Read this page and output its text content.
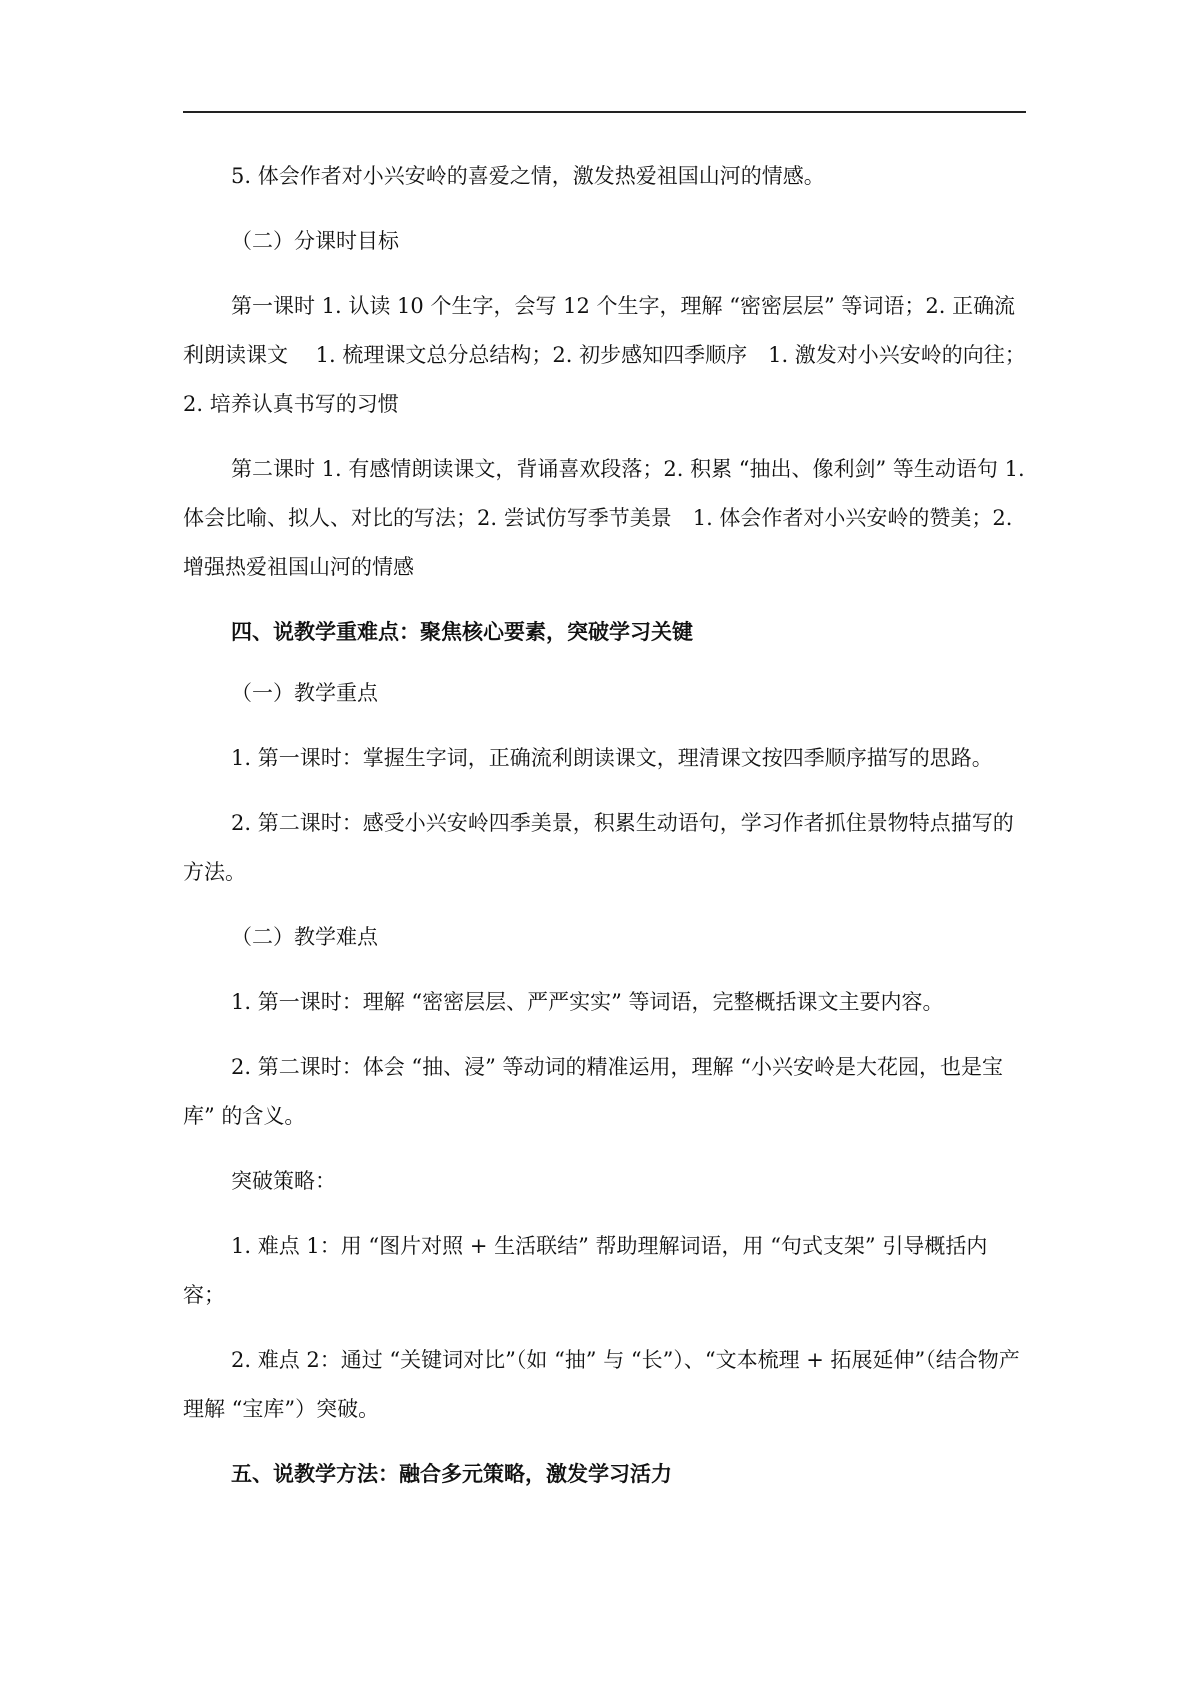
5. 体会作者对小兴安岭的喜爱之情，激发热爱祖国山河的情感。

（二）分课时目标

第一课时 1. 认读 10 个生字，会写 12 个生字，理解 “密密层层” 等词语；2. 正确流利朗读课文　 1. 梳理课文总分总结构；2. 初步感知四季顺序　1. 激发对小兴安岭的向往；2. 培养认真书写的习惯

第二课时 1. 有感情朗读课文，背诵喜欢段落；2. 积累 “抽出、像利剑” 等生动语句 1. 体会比喻、拟人、对比的写法；2. 尝试仿写季节美景　1. 体会作者对小兴安岭的赞美；2. 增强热爱祖国山河的情感

四、说教学重难点：聚焦核心要素，突破学习关键

（一）教学重点

1. 第一课时：掌握生字词，正确流利朗读课文，理清课文按四季顺序描写的思路。

2. 第二课时：感受小兴安岭四季美景，积累生动语句，学习作者抓住景物特点描写的方法。

（二）教学难点

1. 第一课时：理解 “密密层层、严严实实” 等词语，完整概括课文主要内容。

2. 第二课时：体会 “抽、浸” 等动词的精准运用，理解 “小兴安岭是大花园，也是宝库” 的含义。

突破策略：

1. 难点 1：用 “图片对照 + 生活联结” 帮助理解词语，用 “句式支架” 引导概括内容；

2. 难点 2：通过 “关键词对比”（如 “抽” 与 “长”）、“文本梳理 + 拓展延伸”（结合物产理解 “宝库”）突破。

五、说教学方法：融合多元策略，激发学习活力
